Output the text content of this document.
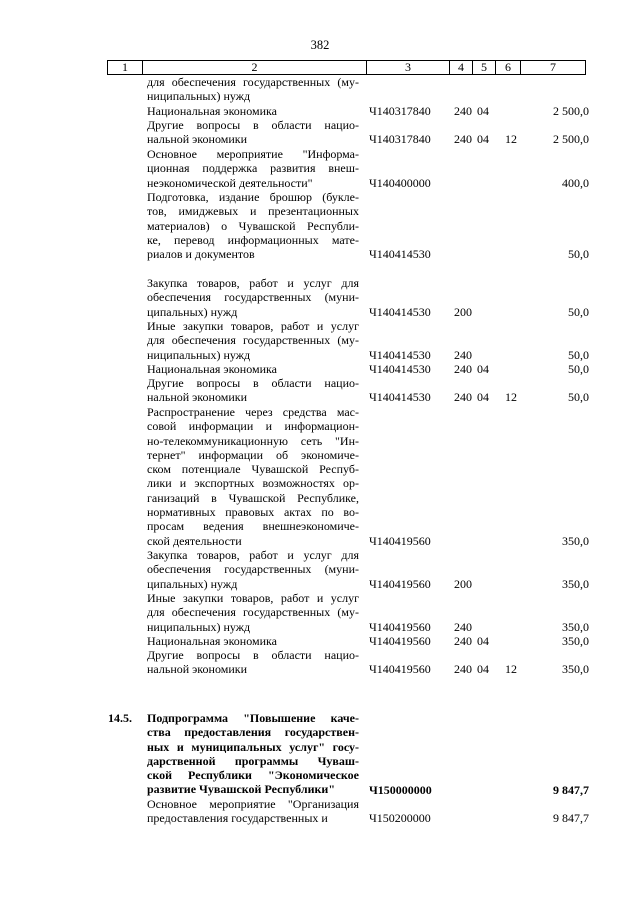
382
1	2	3	4	5	6	7
для обеспечения государственных (му-
ниципальных) нужд
Национальная экономика	Ч140317840	240 04	2 500,0
Другие вопросы в области нацио-
нальной экономики	Ч140317840	240 04	12	2 500,0
Основное мероприятие "Информа-
ционная поддержка развития внеш-
неэкономической деятельности"	Ч140400000	400,0
Подготовка, издание брошюр (букле-
тов, имиджевых и презентационных
материалов) о Чувашской Республи-
ке, перевод информационных мате-
риалов и документов	Ч140414530	50,0
Закупка товаров, работ и услуг для
обеспечения государственных (муни-
ципальных) нужд	Ч140414530	200	50,0
Иные закупки товаров, работ и услуг
для обеспечения государственных (му-
ниципальных) нужд	Ч140414530	240	50,0
Национальная экономика	Ч140414530	240 04	50,0
Другие вопросы в области нацио-
нальной экономики	Ч140414530	240 04	12	50,0
Распространение через средства мас-
совой информации и информацион-
но-телекоммуникационную сеть "Ин-
тернет" информации об экономиче-
ском потенциале Чувашской Респуб-
лики и экспортных возможностях ор-
ганизаций в Чувашской Республике,
нормативных правовых актах по во-
просам ведения внешнеэкономиче-
ской деятельности	Ч140419560	350,0
Закупка товаров, работ и услуг для
обеспечения государственных (муни-
ципальных) нужд	Ч140419560	200	350,0
Иные закупки товаров, работ и услуг
для обеспечения государственных (му-
ниципальных) нужд	Ч140419560	240	350,0
Национальная экономика	Ч140419560	240 04	350,0
Другие вопросы в области нацио-
нальной экономики	Ч140419560	240 04	12	350,0
14.5.	Подпрограмма "Повышение каче-
ства предоставления государствен-
ных и муниципальных услуг" госу-
дарственной программы Чуваш-
ской Республики "Экономическое
развитие Чувашской Республики"	Ч150000000	9 847,7
Основное мероприятие "Организация
предоставления государственных и	Ч150200000	9 847,7
